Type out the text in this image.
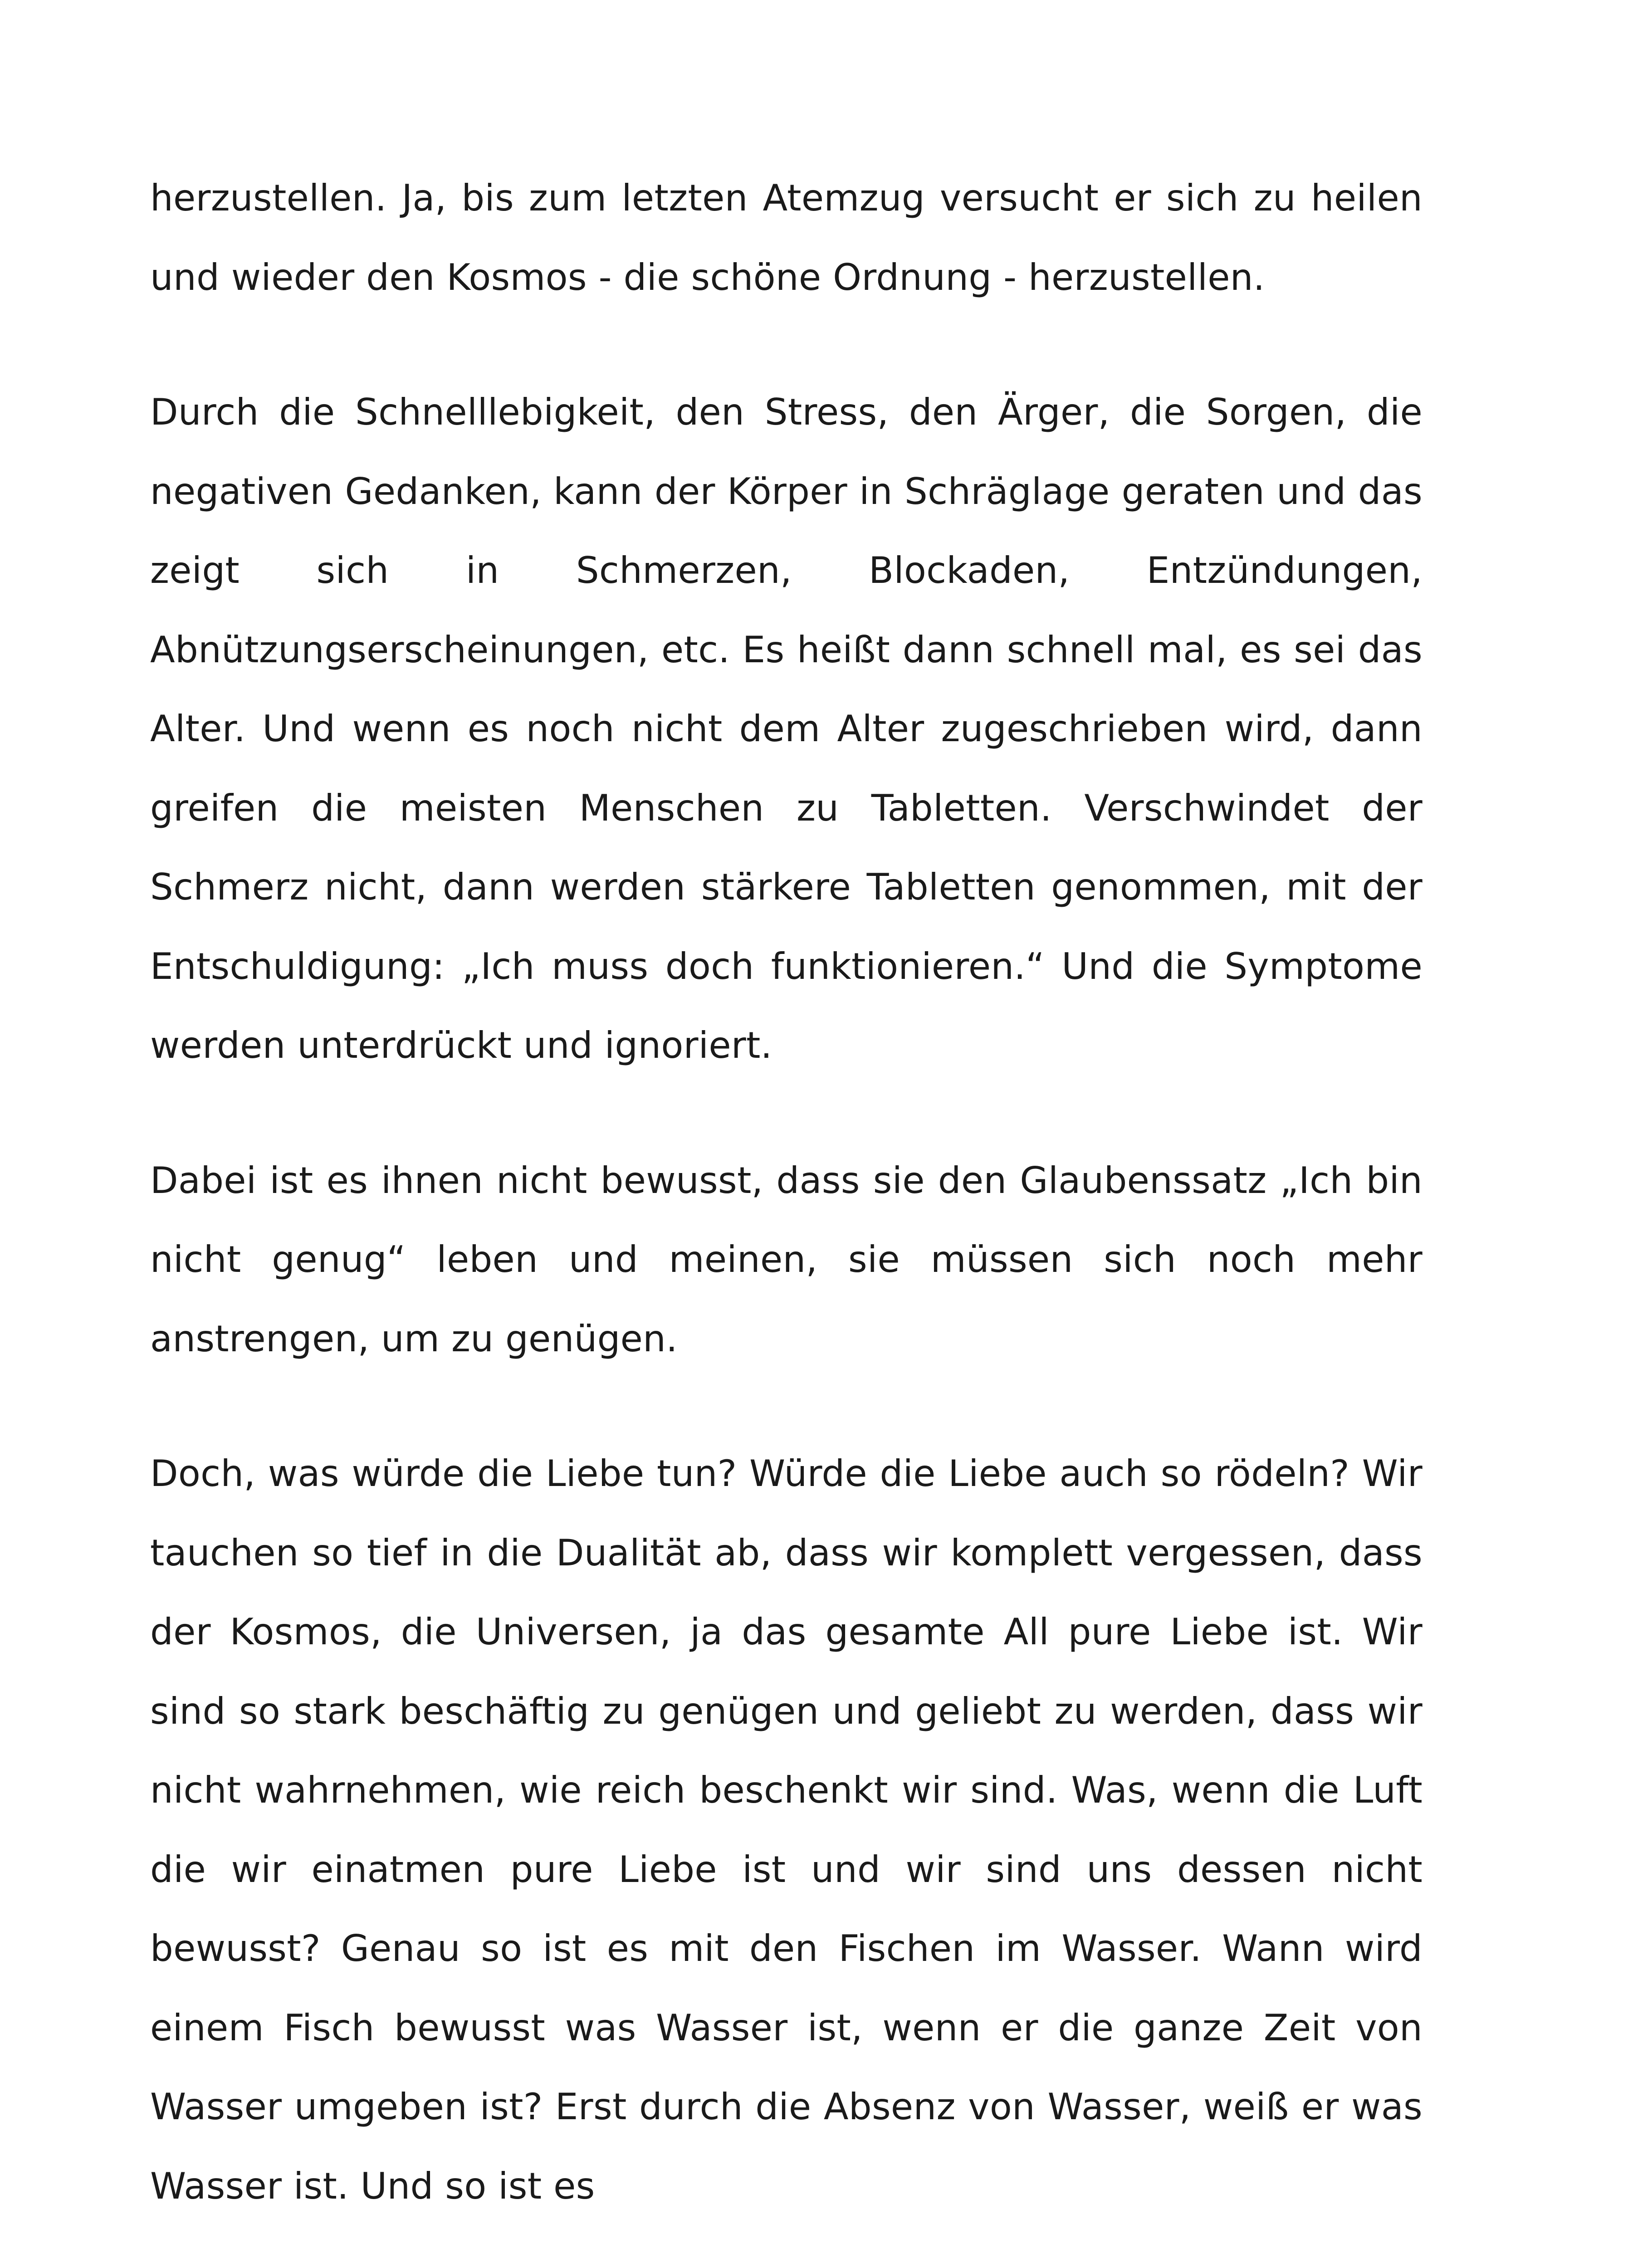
herzustellen. Ja, bis zum letzten Atemzug versucht er sich zu heilen und wieder den Kosmos - die schöne Ordnung - herzustellen.

Durch die Schnelllebigkeit, den Stress, den Ärger, die Sorgen, die negativen Gedanken, kann der Körper in Schräglage geraten und das zeigt sich in Schmerzen, Blockaden, Entzündungen, Abnützungserscheinungen, etc. Es heißt dann schnell mal, es sei das Alter. Und wenn es noch nicht dem Alter zugeschrieben wird, dann greifen die meisten Menschen zu Tabletten. Verschwindet der Schmerz nicht, dann werden stärkere Tabletten genommen, mit der Entschuldigung: „Ich muss doch funktionieren.“ Und die Symptome werden unterdrückt und ignoriert.

Dabei ist es ihnen nicht bewusst, dass sie den Glaubenssatz „Ich bin nicht genug“ leben und meinen, sie müssen sich noch mehr anstrengen, um zu genügen.

Doch, was würde die Liebe tun? Würde die Liebe auch so rödeln? Wir tauchen so tief in die Dualität ab, dass wir komplett vergessen, dass der Kosmos, die Universen, ja das gesamte All pure Liebe ist. Wir sind so stark beschäftig zu genügen und geliebt zu werden, dass wir nicht wahrnehmen, wie reich beschenkt wir sind. Was, wenn die Luft die wir einatmen pure Liebe ist und wir sind uns dessen nicht bewusst? Genau so ist es mit den Fischen im Wasser. Wann wird einem Fisch bewusst was Wasser ist, wenn er die ganze Zeit von Wasser umgeben ist? Erst durch die Absenz von Wasser, weiß er was Wasser ist. Und so ist es
